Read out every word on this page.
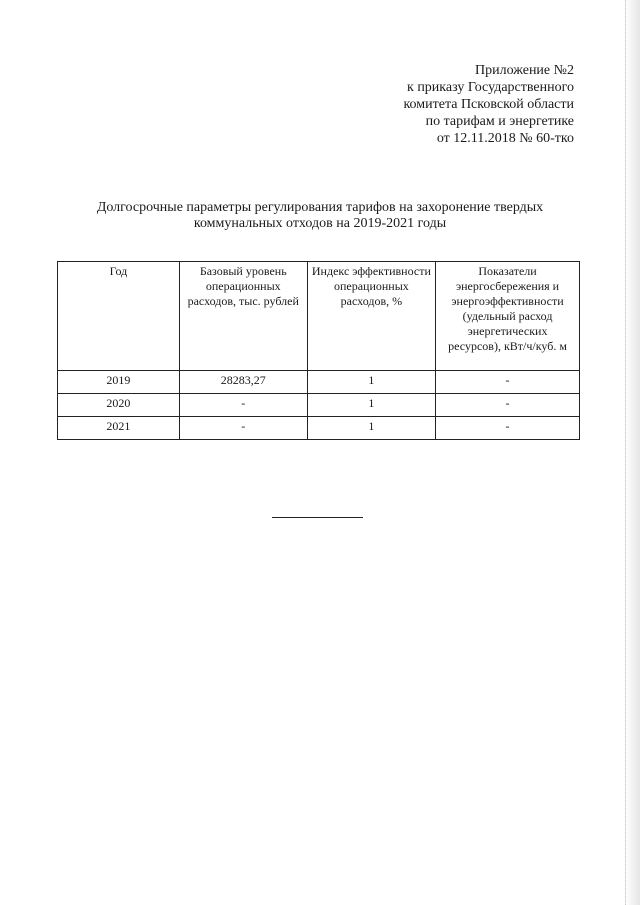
Приложение №2
к приказу Государственного
комитета Псковской области
по тарифам и энергетике
от 12.11.2018 № 60-тко
Долгосрочные параметры регулирования тарифов на захоронение твердых
коммунальных отходов на 2019-2021 годы
Год	Базовый уровень операционных расходов, тыс. рублей	Индекс эффективности операционных расходов, %	Показатели энергосбережения и энергоэффективности (удельный расход энергетических ресурсов), кВт/ч/куб. м
2019	28283,27	1	-
2020	-	1	-
2021	-	1	-
